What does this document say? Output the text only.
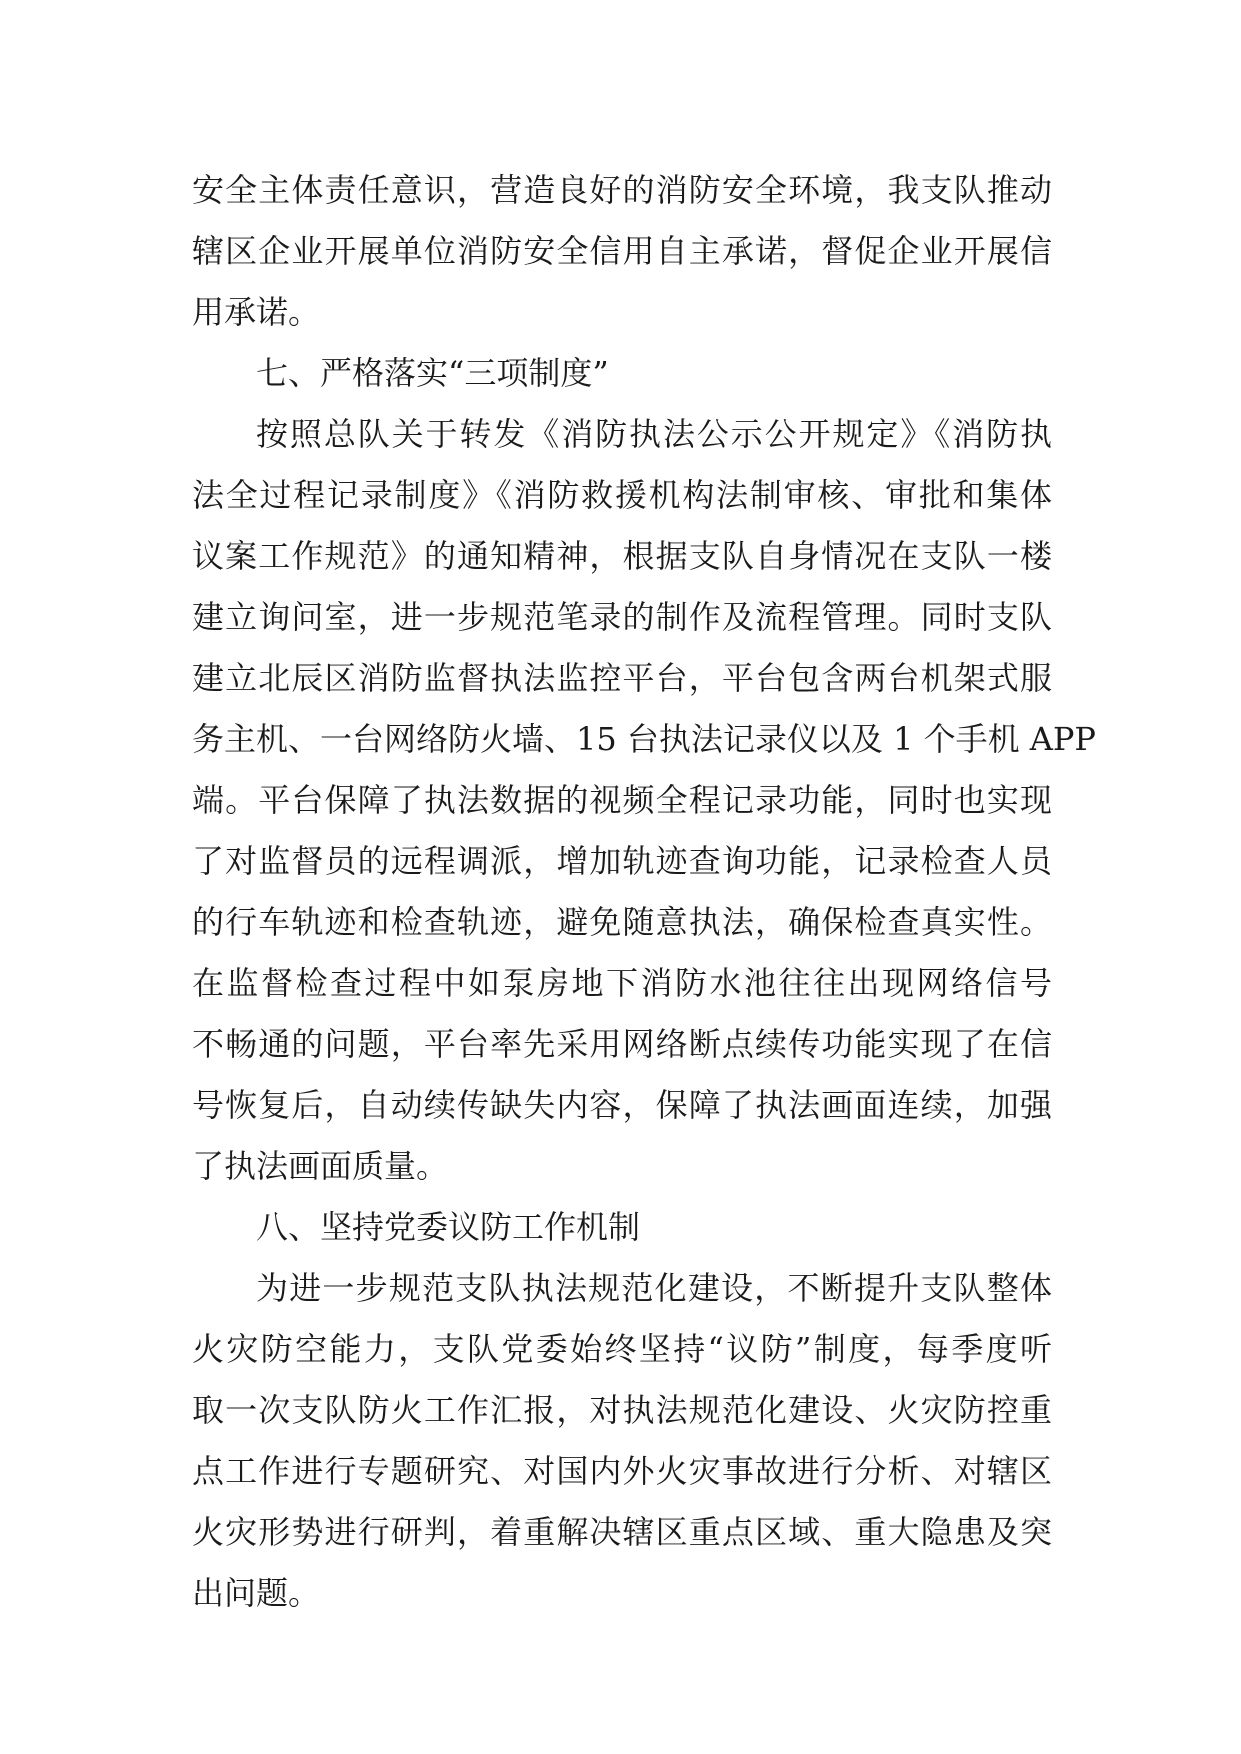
安全主体责任意识，营造良好的消防安全环境，我支队推动
辖区企业开展单位消防安全信用自主承诺，督促企业开展信
用承诺。
七、严格落实“三项制度”
按照总队关于转发《消防执法公示公开规定》《消防执
法全过程记录制度》《消防救援机构法制审核、审批和集体
议案工作规范》的通知精神，根据支队自身情况在支队一楼
建立询问室，进一步规范笔录的制作及流程管理。同时支队
建立北辰区消防监督执法监控平台，平台包含两台机架式服
务主机、一台网络防火墙、15 台执法记录仪以及 1 个手机 APP
端。平台保障了执法数据的视频全程记录功能，同时也实现
了对监督员的远程调派，增加轨迹查询功能，记录检查人员
的行车轨迹和检查轨迹，避免随意执法，确保检查真实性。
在监督检查过程中如泵房地下消防水池往往出现网络信号
不畅通的问题，平台率先采用网络断点续传功能实现了在信
号恢复后，自动续传缺失内容，保障了执法画面连续，加强
了执法画面质量。
八、坚持党委议防工作机制
为进一步规范支队执法规范化建设，不断提升支队整体
火灾防空能力，支队党委始终坚持“议防”制度，每季度听
取一次支队防火工作汇报，对执法规范化建设、火灾防控重
点工作进行专题研究、对国内外火灾事故进行分析、对辖区
火灾形势进行研判，着重解决辖区重点区域、重大隐患及突
出问题。
